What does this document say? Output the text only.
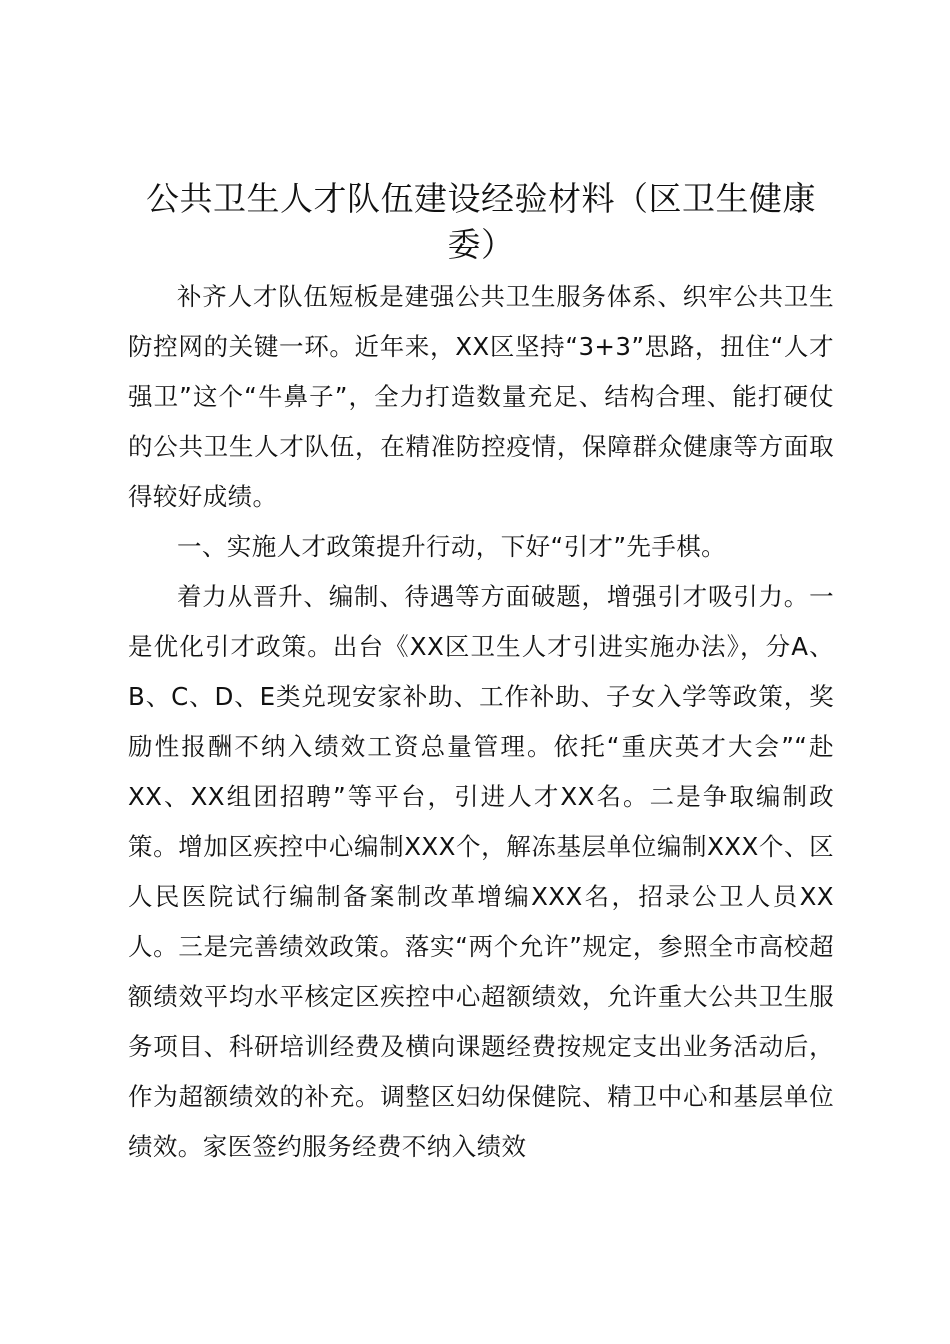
公共卫生人才队伍建设经验材料（区卫生健康委）

补齐人才队伍短板是建强公共卫生服务体系、织牢公共卫生防控网的关键一环。近年来，XX区坚持“3+3”思路，扭住“人才强卫”这个“牛鼻子”，全力打造数量充足、结构合理、能打硬仗的公共卫生人才队伍，在精准防控疫情，保障群众健康等方面取得较好成绩。

一、实施人才政策提升行动，下好“引才”先手棋。

着力从晋升、编制、待遇等方面破题，增强引才吸引力。一是优化引才政策。出台《XX区卫生人才引进实施办法》，分A、B、C、D、E类兑现安家补助、工作补助、子女入学等政策，奖励性报酬不纳入绩效工资总量管理。依托“重庆英才大会”“赴XX、XX组团招聘”等平台，引进人才XX名。二是争取编制政策。增加区疾控中心编制XXX个，解冻基层单位编制XXX个、区人民医院试行编制备案制改革增编XXX名，招录公卫人员XX人。三是完善绩效政策。落实“两个允许”规定，参照全市高校超额绩效平均水平核定区疾控中心超额绩效，允许重大公共卫生服务项目、科研培训经费及横向课题经费按规定支出业务活动后，作为超额绩效的补充。调整区妇幼保健院、精卫中心和基层单位绩效。家医签约服务经费不纳入绩效
